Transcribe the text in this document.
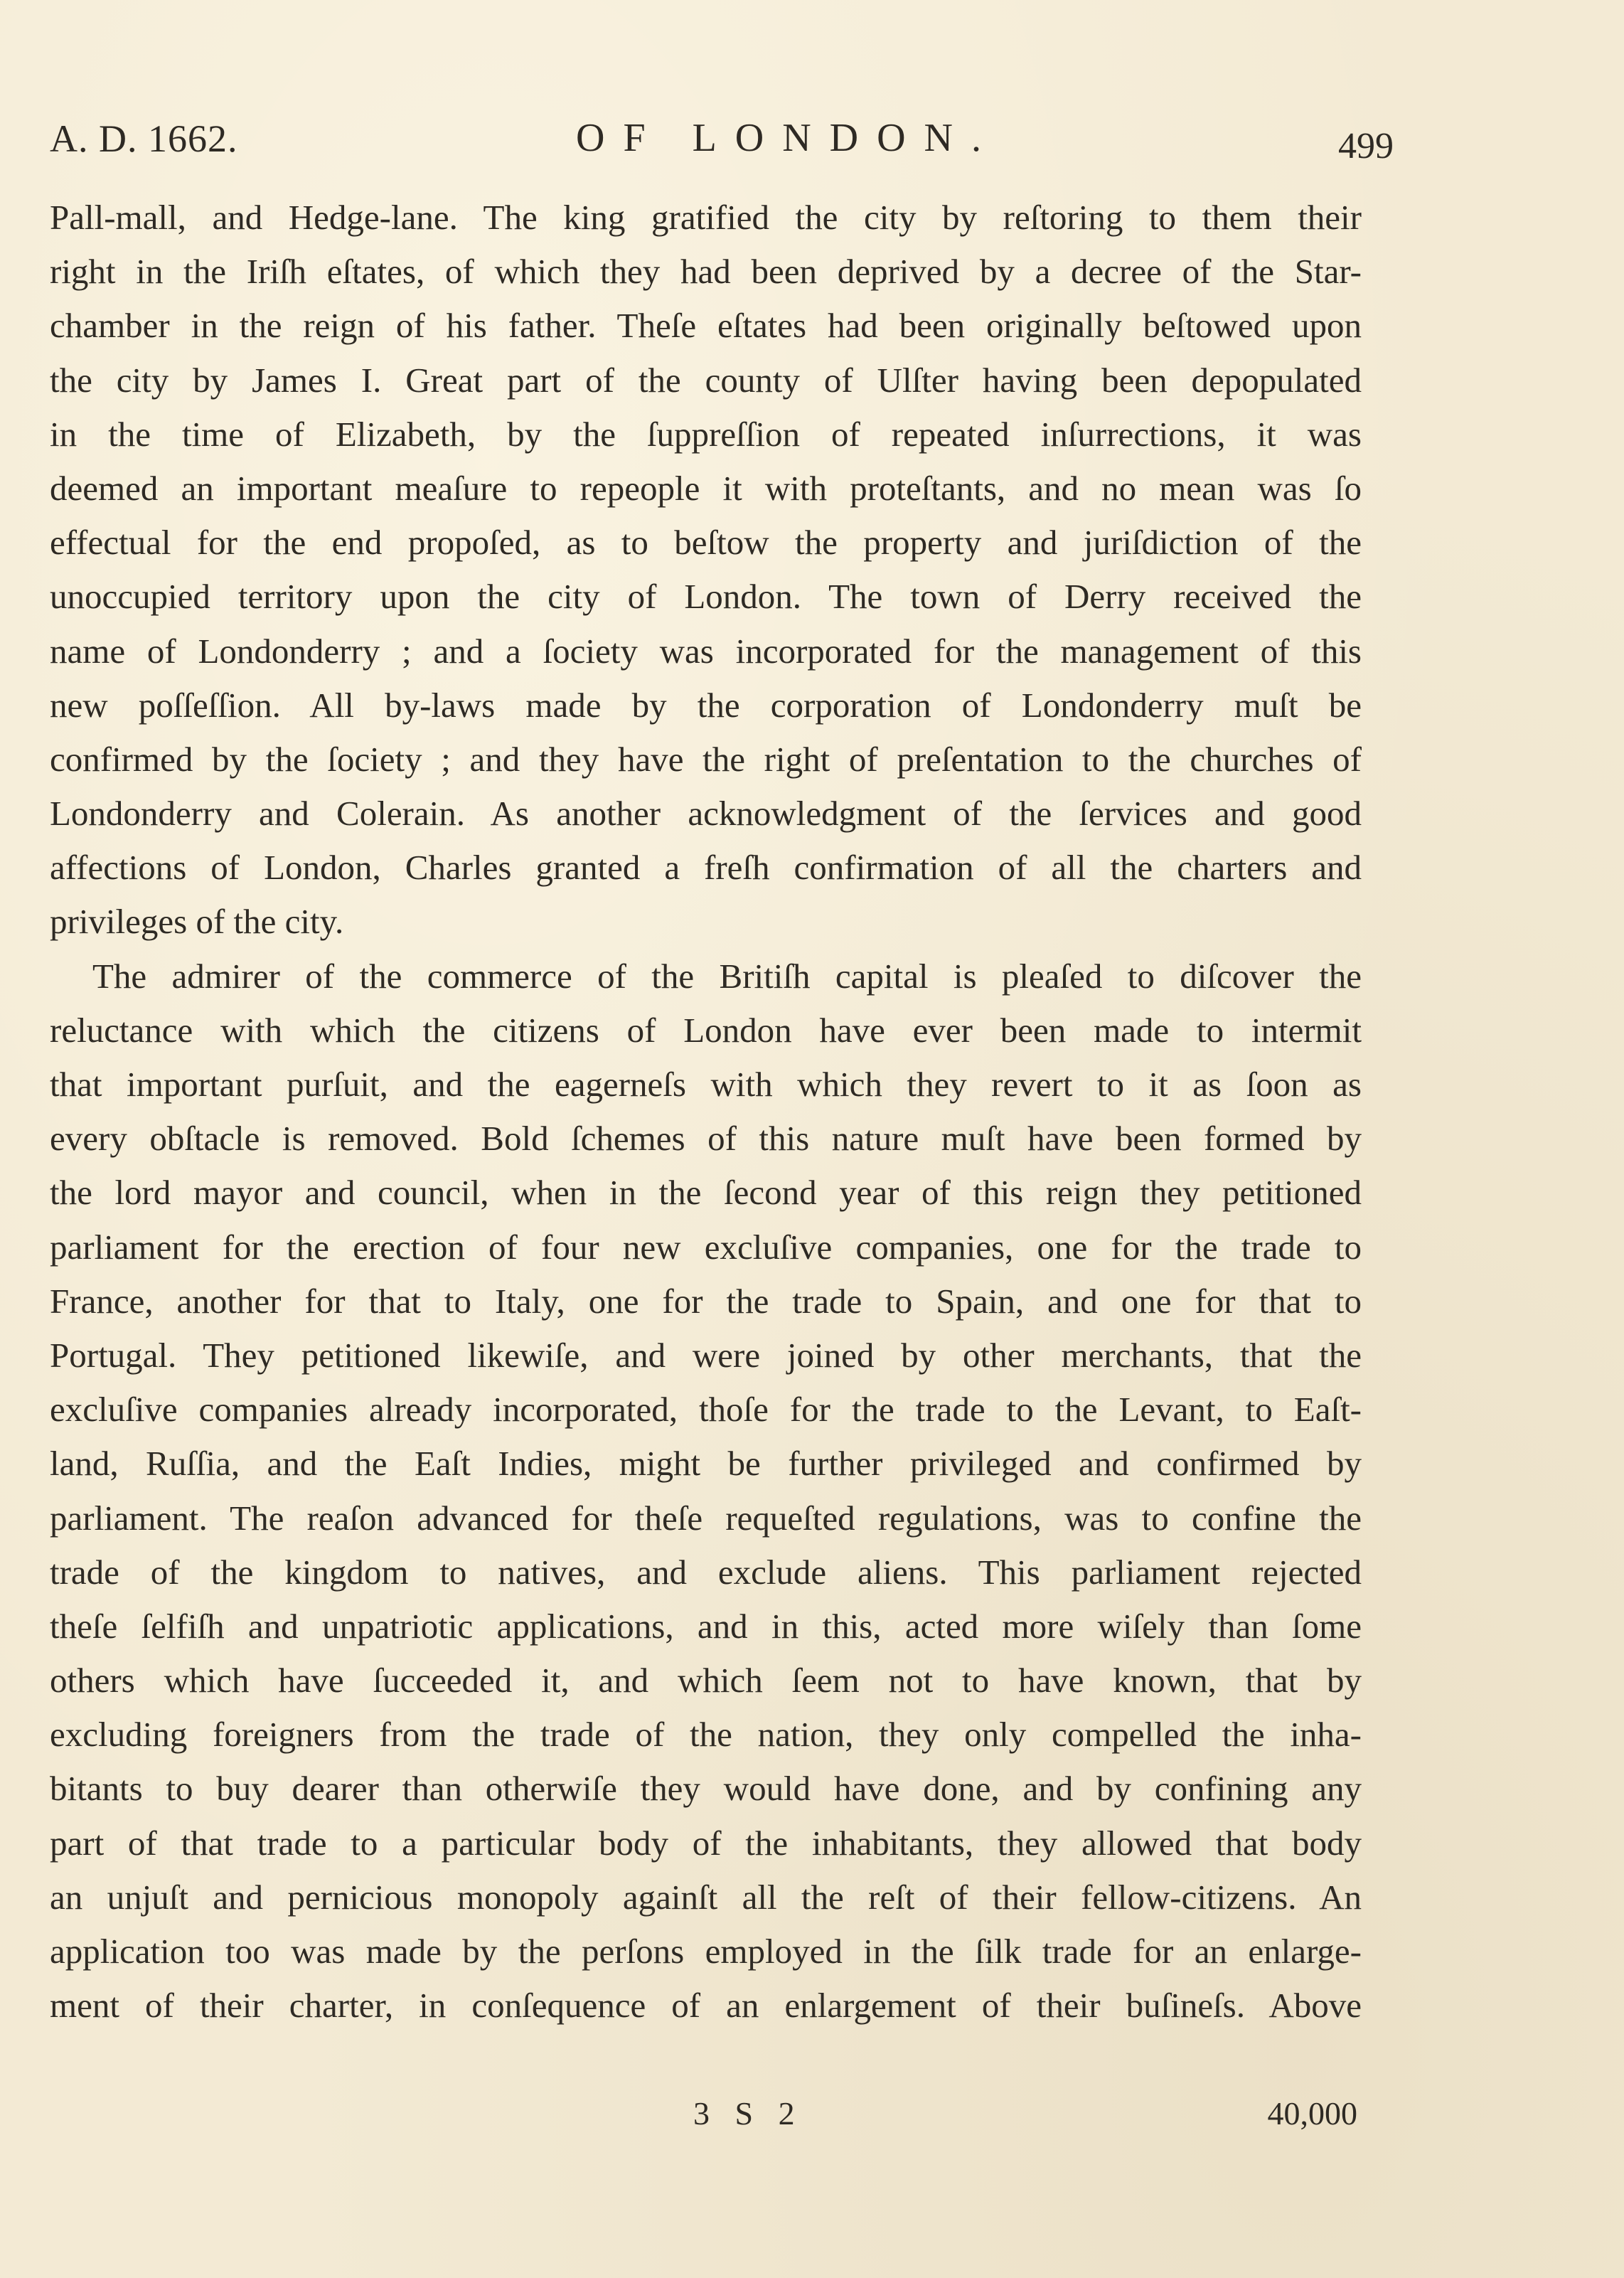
A. D. 1662.	OF LONDON.	499
Pall-mall, and Hedge-lane. The king gratified the city by reſtoring to them their
right in the Iriſh eſtates, of which they had been deprived by a decree of the Star-
chamber in the reign of his father. Theſe eſtates had been originally beſtowed upon
the city by James I. Great part of the county of Ulſter having been depopulated
in the time of Elizabeth, by the ſuppreſſion of repeated inſurrections, it was
deemed an important meaſure to repeople it with proteſtants, and no mean was ſo
effectual for the end propoſed, as to beſtow the property and juriſdiction of the
unoccupied territory upon the city of London. The town of Derry received the
name of Londonderry ; and a ſociety was incorporated for the management of this
new poſſeſſion. All by-laws made by the corporation of Londonderry muſt be
confirmed by the ſociety ; and they have the right of preſentation to the churches of
Londonderry and Colerain. As another acknowledgment of the ſervices and good
affections of London, Charles granted a freſh confirmation of all the charters and
privileges of the city.
The admirer of the commerce of the Britiſh capital is pleaſed to diſcover the
reluctance with which the citizens of London have ever been made to intermit
that important purſuit, and the eagerneſs with which they revert to it as ſoon as
every obſtacle is removed. Bold ſchemes of this nature muſt have been formed by
the lord mayor and council, when in the ſecond year of this reign they petitioned
parliament for the erection of four new excluſive companies, one for the trade to
France, another for that to Italy, one for the trade to Spain, and one for that to
Portugal. They petitioned likewiſe, and were joined by other merchants, that the
excluſive companies already incorporated, thoſe for the trade to the Levant, to Eaſt-
land, Ruſſia, and the Eaſt Indies, might be further privileged and confirmed by
parliament. The reaſon advanced for theſe requeſted regulations, was to confine the
trade of the kingdom to natives, and exclude aliens. This parliament rejected
theſe ſelfiſh and unpatriotic applications, and in this, acted more wiſely than ſome
others which have ſucceeded it, and which ſeem not to have known, that by
excluding foreigners from the trade of the nation, they only compelled the inha-
bitants to buy dearer than otherwiſe they would have done, and by confining any
part of that trade to a particular body of the inhabitants, they allowed that body
an unjuſt and pernicious monopoly againſt all the reſt of their fellow-citizens. An
application too was made by the perſons employed in the ſilk trade for an enlarge-
ment of their charter, in conſequence of an enlargement of their buſineſs. Above
3 S 2	40,000
